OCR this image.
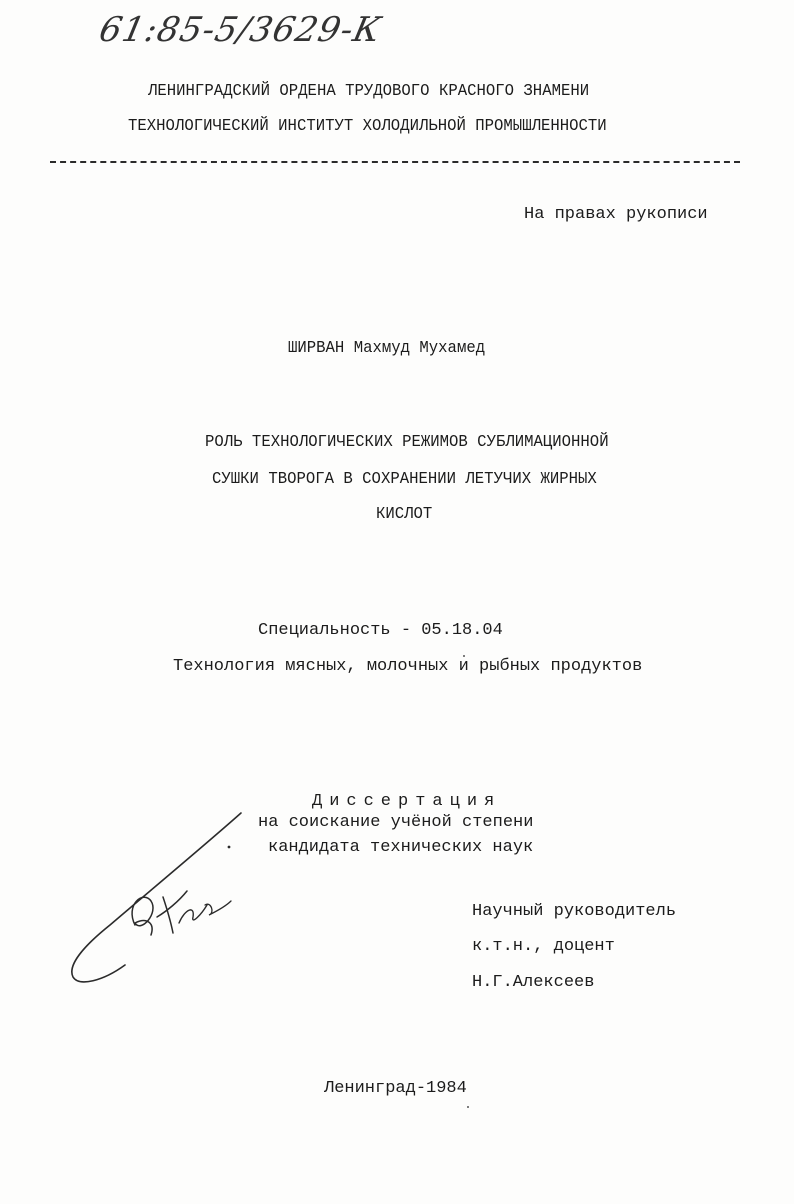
61:85-5/3629-К
ЛЕНИНГРАДСКИЙ ОРДЕНА ТРУДОВОГО КРАСНОГО ЗНАМЕНИ
ТЕХНОЛОГИЧЕСКИЙ ИНСТИТУТ ХОЛОДИЛЬНОЙ ПРОМЫШЛЕННОСТИ
На правах рукописи
ШИРВАН Махмуд Мухамед
РОЛЬ ТЕХНОЛОГИЧЕСКИХ РЕЖИМОВ СУБЛИМАЦИОННОЙ
СУШКИ ТВОРОГА В СОХРАНЕНИИ ЛЕТУЧИХ ЖИРНЫХ
КИСЛОТ
Специальность - 05.18.04
Технология мясных, молочных и рыбных продуктов
Диссертация
на соискание учёной степени
кандидата технических наук
Научный руководитель
к.т.н., доцент
Н.Г.Алексеев
Ленинград-1984
